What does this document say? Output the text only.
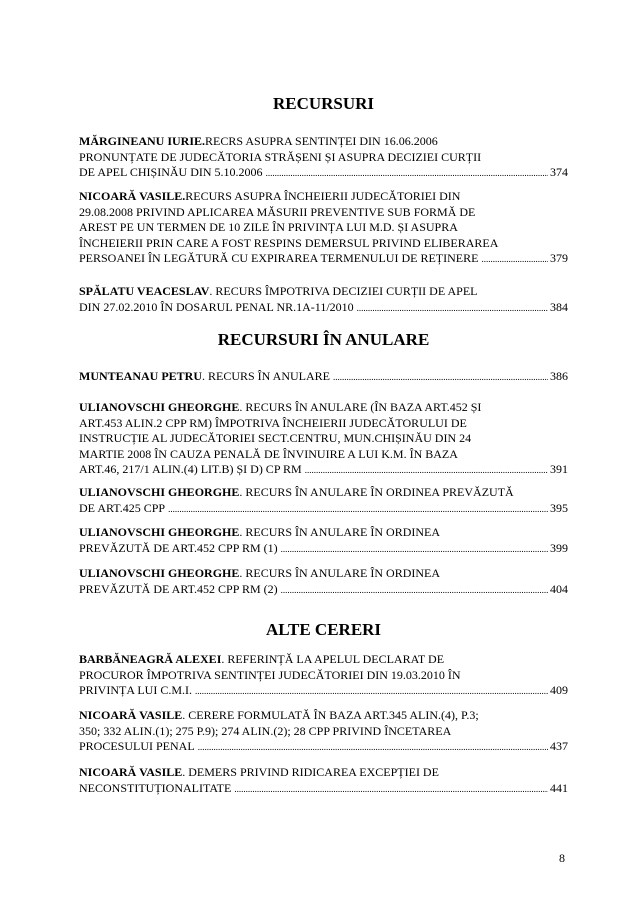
RECURSURI
MĂRGINEANU IURIE. RECRS ASUPRA SENTINȚEI DIN 16.06.2006
PRONUNȚATE DE JUDECĂTORIA STRĂȘENI ȘI ASUPRA DECIZIEI CURȚII
DE APEL CHIȘINĂU DIN 5.10.2006 .....	374
NICOARĂ VASILE. RECURS ASUPRA ÎNCHEIERII JUDECĂTORIEI DIN
29.08.2008 PRIVIND APLICAREA MĂSURII PREVENTIVE SUB FORMĂ DE
AREST PE UN TERMEN DE 10 ZILE ÎN PRIVINȚA LUI M.D. ȘI ASUPRA
ÎNCHEIERII PRIN CARE A FOST RESPINS DEMERSUL PRIVIND ELIBERAREA
PERSOANEI ÎN LEGĂTURĂ CU EXPIRAREA TERMENULUI DE REȚINERE .....	379
SPĂLATU VEACESLAV . RECURS ÎMPOTRIVA DECIZIEI CURȚII DE APEL
DIN 27.02.2010 ÎN DOSARUL PENAL NR.1A-11/2010 .....	384
RECURSURI ÎN ANULARE
MUNTEANAU PETRU . RECURS ÎN ANULARE .....	386
ULIANOVSCHI GHEORGHE . RECURS ÎN ANULARE (ÎN BAZA ART.452 ȘI
ART.453 ALIN.2 CPP RM) ÎMPOTRIVA ÎNCHEIERII JUDECĂTORULUI DE
INSTRUCȚIE AL JUDECĂTORIEI SECT.CENTRU, MUN.CHIȘINĂU DIN 24
MARTIE 2008 ÎN CAUZA PENALĂ DE ÎNVINUIRE A LUI K.M. ÎN BAZA
ART.46, 217/1 ALIN.(4) LIT.B) ȘI D) CP RM .....	391
ULIANOVSCHI GHEORGHE . RECURS ÎN ANULARE ÎN ORDINEA PREVĂZUTĂ
DE ART.425 CPP .....	395
ULIANOVSCHI GHEORGHE . RECURS ÎN ANULARE ÎN ORDINEA
PREVĂZUTĂ DE ART.452 CPP RM (1) .....	399
ULIANOVSCHI GHEORGHE . RECURS ÎN ANULARE ÎN ORDINEA
PREVĂZUTĂ DE ART.452 CPP RM (2) .....	404
ALTE CERERI
BARBĂNEAGRĂ ALEXEI . REFERINȚĂ LA APELUL DECLARAT DE
PROCUROR ÎMPOTRIVA SENTINȚEI JUDECĂTORIEI DIN 19.03.2010 ÎN
PRIVINȚA LUI C.M.I. .....	409
NICOARĂ VASILE . CERERE FORMULATĂ ÎN BAZA ART.345 ALIN.(4), P.3;
350; 332 ALIN.(1); 275 P.9); 274 ALIN.(2); 28 CPP PRIVIND ÎNCETAREA
PROCESULUI PENAL .....	437
NICOARĂ VASILE . DEMERS PRIVIND RIDICAREA EXCEPȚIEI DE
NECONSTITUȚIONALITATE .....	441
8
